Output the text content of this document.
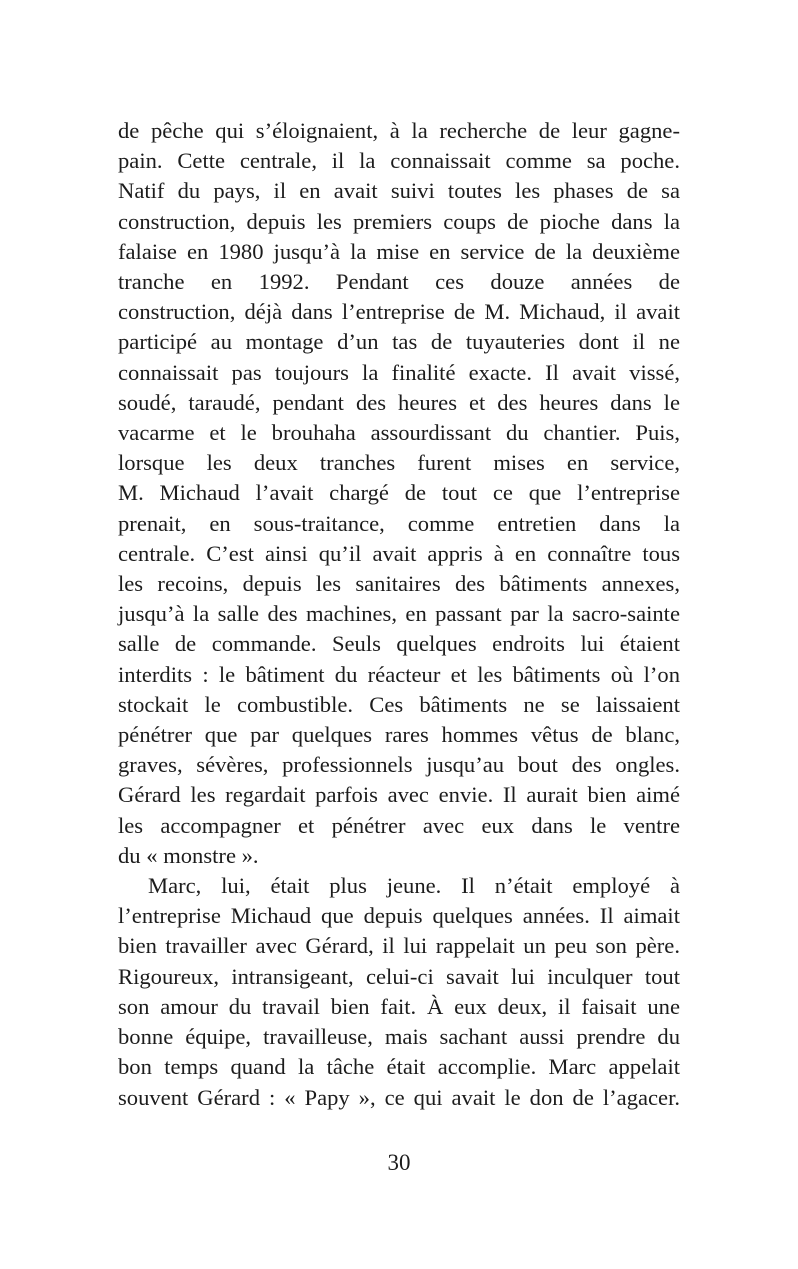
de pêche qui s’éloignaient, à la recherche de leur gagne-
pain. Cette centrale, il la connaissait comme sa poche.
Natif du pays, il en avait suivi toutes les phases de sa
construction, depuis les premiers coups de pioche dans la
falaise en 1980 jusqu’à la mise en service de la deuxième
tranche en 1992. Pendant ces douze années de
construction, déjà dans l’entreprise de M. Michaud, il avait
participé au montage d’un tas de tuyauteries dont il ne
connaissait pas toujours la finalité exacte. Il avait vissé,
soudé, taraudé, pendant des heures et des heures dans le
vacarme et le brouhaha assourdissant du chantier. Puis,
lorsque les deux tranches furent mises en service,
M. Michaud l’avait chargé de tout ce que l’entreprise
prenait, en sous-traitance, comme entretien dans la
centrale. C’est ainsi qu’il avait appris à en connaître tous
les recoins, depuis les sanitaires des bâtiments annexes,
jusqu’à la salle des machines, en passant par la sacro-sainte
salle de commande. Seuls quelques endroits lui étaient
interdits : le bâtiment du réacteur et les bâtiments où l’on
stockait le combustible. Ces bâtiments ne se laissaient
pénétrer que par quelques rares hommes vêtus de blanc,
graves, sévères, professionnels jusqu’au bout des ongles.
Gérard les regardait parfois avec envie. Il aurait bien aimé
les accompagner et pénétrer avec eux dans le ventre
du « monstre ».

Marc, lui, était plus jeune. Il n’était employé à
l’entreprise Michaud que depuis quelques années. Il aimait
bien travailler avec Gérard, il lui rappelait un peu son père.
Rigoureux, intransigeant, celui-ci savait lui inculquer tout
son amour du travail bien fait. À eux deux, il faisait une
bonne équipe, travailleuse, mais sachant aussi prendre du
bon temps quand la tâche était accomplie. Marc appelait
souvent Gérard : « Papy », ce qui avait le don de l’agacer.

30
